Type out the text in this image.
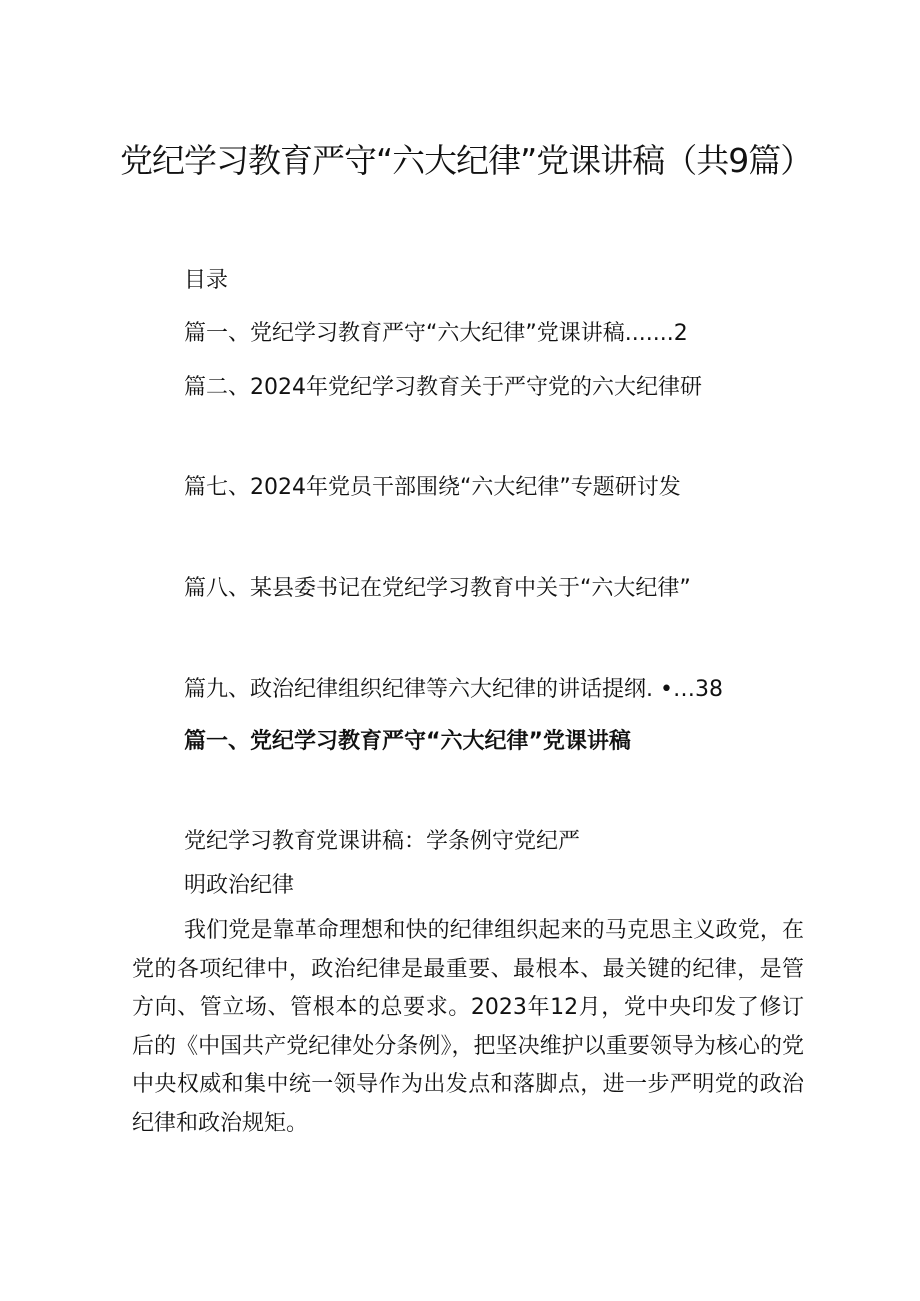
党纪学习教育严守“六大纪律”党课讲稿（共9篇）
目录
篇一、党纪学习教育严守“六大纪律”党课讲稿.......2
篇二、2024年党纪学习教育关于严守党的六大纪律研
篇七、2024年党员干部围绕“六大纪律”专题研讨发
篇八、某县委书记在党纪学习教育中关于“六大纪律”
篇九、政治纪律组织纪律等六大纪律的讲话提纲. •…38
篇一、党纪学习教育严守“六大纪律”党课讲稿
党纪学习教育党课讲稿：学条例守党纪严
明政治纪律

我们党是靠革命理想和快的纪律组织起来的马克思主义政党，在党的各项纪律中，政治纪律是最重要、最根本、最关键的纪律，是管方向、管立场、管根本的总要求。2023年12月，党中央印发了修订后的《中国共产党纪律处分条例》，把坚决维护以重要领导为核心的党中央权威和集中统一领导作为出发点和落脚点，进一步严明党的政治纪律和政治规矩。
